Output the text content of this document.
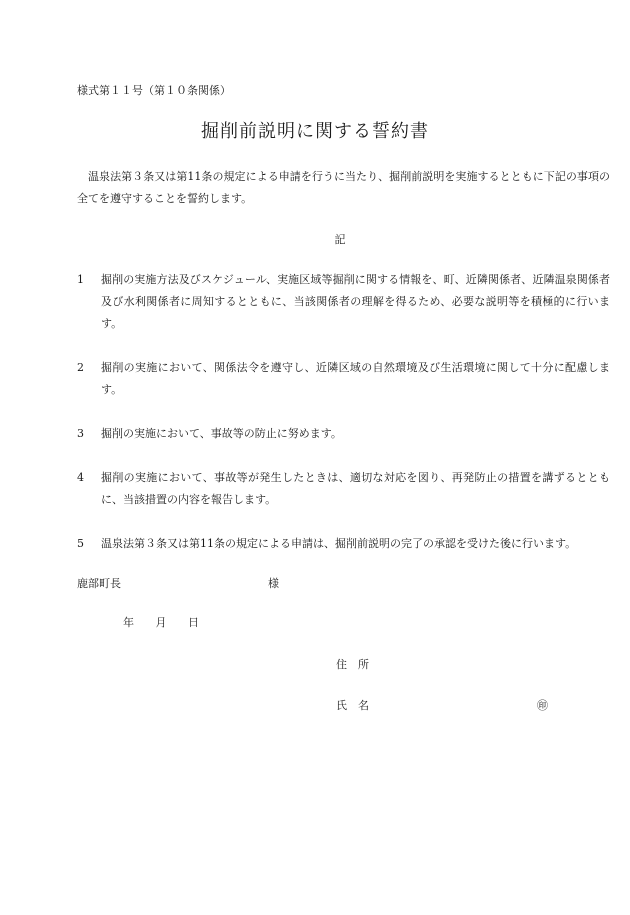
様式第１１号（第１０条関係）
掘削前説明に関する誓約書
温泉法第３条又は第11条の規定による申請を行うに当たり、掘削前説明を実施するとともに下記の事項の全てを遵守することを誓約します。
記
1	掘削の実施方法及びスケジュール、実施区域等掘削に関する情報を、町、近隣関係者、近隣温泉関係者及び水利関係者に周知するとともに、当該関係者の理解を得るため、必要な説明等を積極的に行います。
2	掘削の実施において、関係法令を遵守し、近隣区域の自然環境及び生活環境に関して十分に配慮します。
3	掘削の実施において、事故等の防止に努めます。
4	掘削の実施において、事故等が発生したときは、適切な対応を図り、再発防止の措置を講ずるとともに、当該措置の内容を報告します。
5	温泉法第３条又は第11条の規定による申請は、掘削前説明の完了の承認を受けた後に行います。
鹿部町長	様
年 月 日
住　所
氏　名	㊞
